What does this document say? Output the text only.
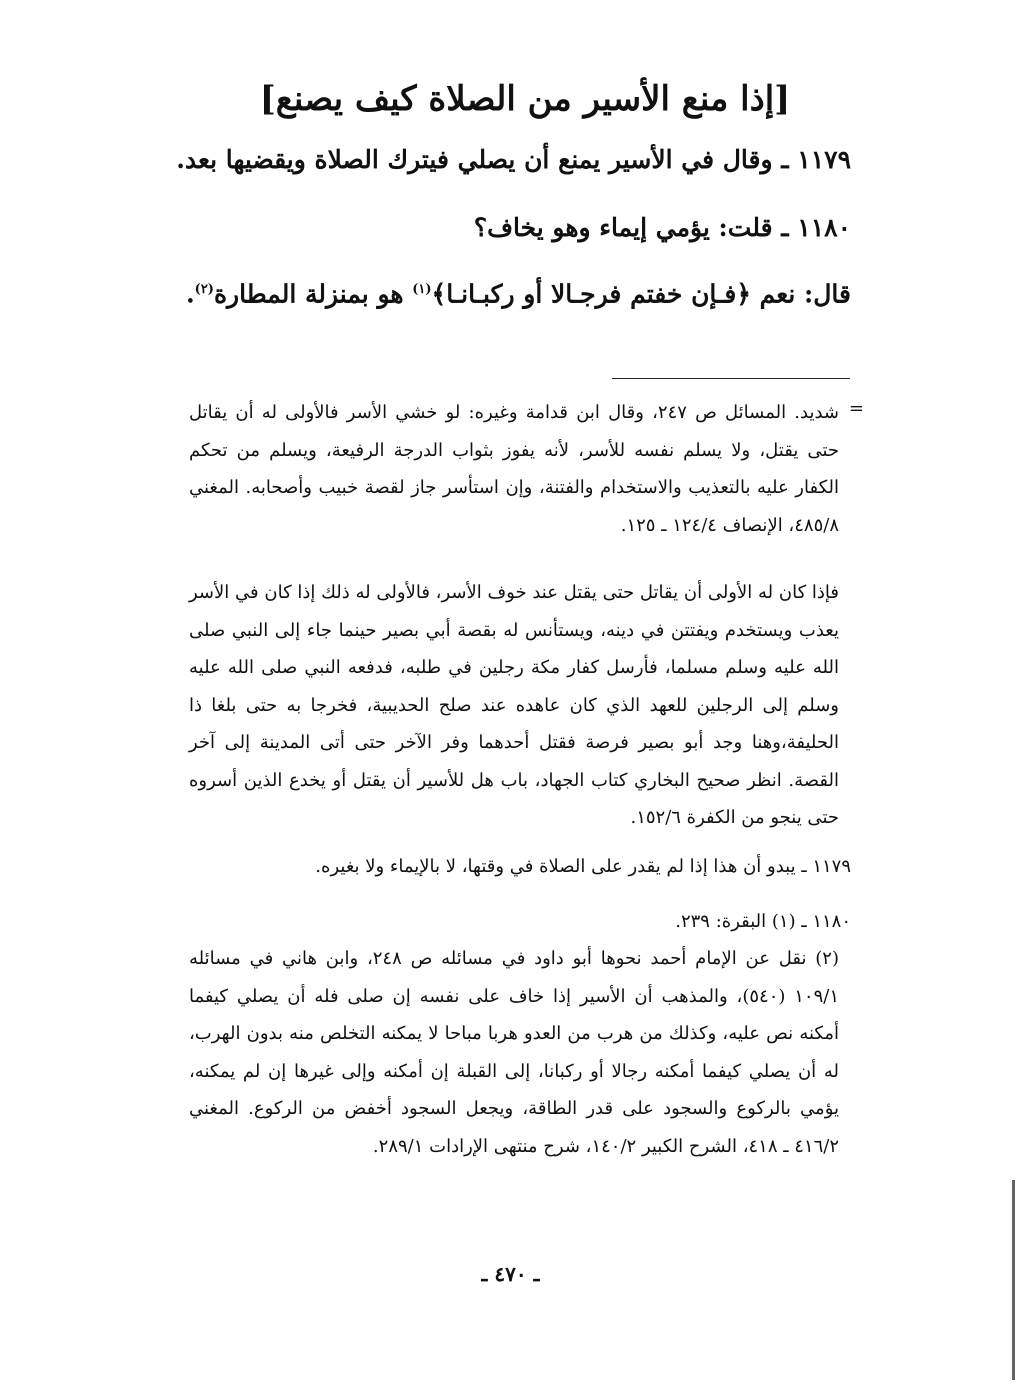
[إذا منع الأسير من الصلاة كيف يصنع]
١١٧٩ ـ وقال في الأسير يمنع أن يصلي فيترك الصلاة ويقضيها بعد.
١١٨٠ ـ قلت: يؤمي إيماء وهو يخاف؟
قال: نعم ﴿فـإن خفتم فرجـالا أو ركبـانـا﴾$^{(١)}$ هو بمنزلة المطارة$^{(٢)}$.
=
شديد. المسائل ص ٢٤٧، وقال ابن قدامة وغيره: لو خشي الأسر فالأولى له أن يقاتل حتى يقتل، ولا يسلم نفسه للأسر، لأنه يفوز بثواب الدرجة الرفيعة، ويسلم من تحكم الكفار عليه بالتعذيب والاستخدام والفتنة، وإن استأسر جاز لقصة خبيب وأصحابه. المغني ٤٨٥/٨، الإنصاف ١٢٤/٤ ـ ١٢٥.
فإذا كان له الأولى أن يقاتل حتى يقتل عند خوف الأسر، فالأولى له ذلك إذا كان في الأسر يعذب ويستخدم ويفتتن في دينه، ويستأنس له بقصة أبي بصير حينما جاء إلى النبي صلى الله عليه وسلم مسلما، فأرسل كفار مكة رجلين في طلبه، فدفعه النبي صلى الله عليه وسلم إلى الرجلين للعهد الذي كان عاهده عند صلح الحديبية، فخرجا به حتى بلغا ذا الحليفة،وهنا وجد أبو بصير فرصة فقتل أحدهما وفر الآخر حتى أتى المدينة إلى آخر القصة. انظر صحيح البخاري كتاب الجهاد، باب هل للأسير أن يقتل أو يخدع الذين أسروه حتى ينجو من الكفرة ١٥٢/٦.
١١٧٩ ـ يبدو أن هذا إذا لم يقدر على الصلاة في وقتها، لا بالإيماء ولا بغيره.
١١٨٠ ـ (١) البقرة: ٢٣٩.
(٢) نقل عن الإمام أحمد نحوها أبو داود في مسائله ص ٢٤٨، وابن هاني في مسائله ١٠٩/١ (٥٤٠)، والمذهب أن الأسير إذا خاف على نفسه إن صلى فله أن يصلي كيفما أمكنه نص عليه، وكذلك من هرب من العدو هربا مباحا لا يمكنه التخلص منه بدون الهرب، له أن يصلي كيفما أمكنه رجالا أو ركبانا، إلى القبلة إن أمكنه وإلى غيرها إن لم يمكنه، يؤمي بالركوع والسجود على قدر الطاقة، ويجعل السجود أخفض من الركوع. المغني ٤١٦/٢ ـ ٤١٨، الشرح الكبير ١٤٠/٢، شرح منتهى الإرادات ٢٨٩/١.
ـ ٤٧٠ ـ
